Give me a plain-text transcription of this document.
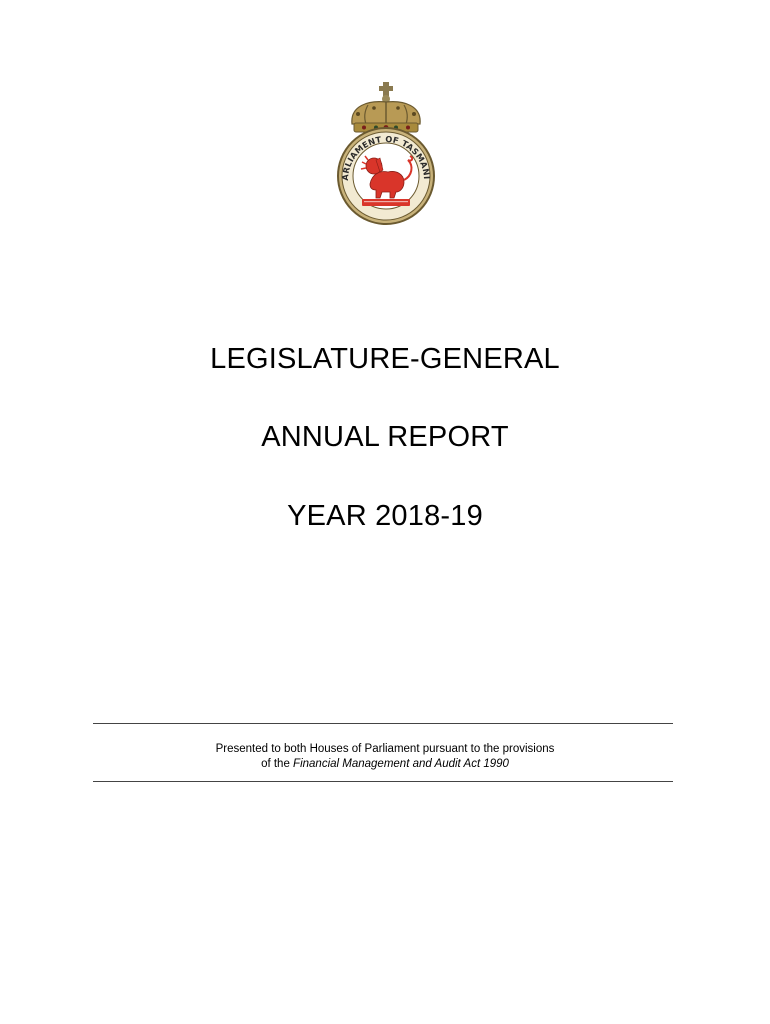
ARLIAMENT OF TASMANI
LEGISLATURE-GENERAL
ANNUAL REPORT
YEAR 2018-19
Presented to both Houses of Parliament pursuant to the provisions
of the Financial Management and Audit Act 1990
